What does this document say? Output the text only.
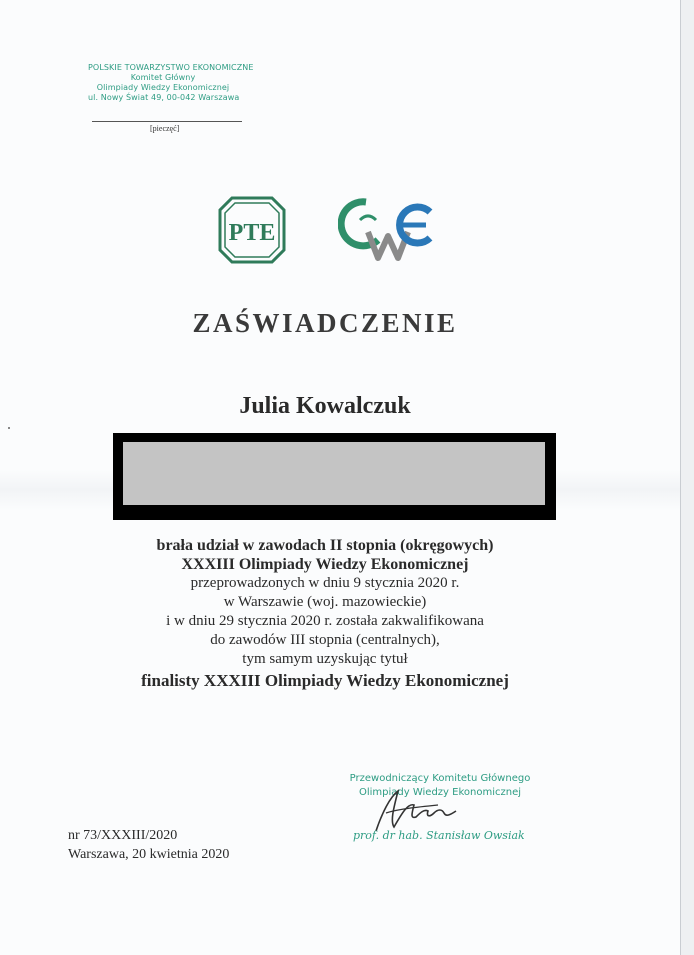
POLSKIE TOWARZYSTWO EKONOMICZNE
Komitet Główny
Olimpiady Wiedzy Ekonomicznej
ul. Nowy Świat 49, 00-042 Warszawa
[pieczęć]
PTE
ZAŚWIADCZENIE
Julia Kowalczuk
brała udział w zawodach II stopnia (okręgowych)
XXXIII Olimpiady Wiedzy Ekonomicznej
przeprowadzonych w dniu 9 stycznia 2020 r.
w Warszawie (woj. mazowieckie)
i w dniu 29 stycznia 2020 r. została zakwalifikowana
do zawodów III stopnia (centralnych),
tym samym uzyskując tytuł
finalisty XXXIII Olimpiady Wiedzy Ekonomicznej
Przewodniczący Komitetu Głównego
Olimpiady Wiedzy Ekonomicznej
prof. dr hab. Stanisław Owsiak
nr 73/XXXIII/2020
Warszawa, 20 kwietnia 2020
